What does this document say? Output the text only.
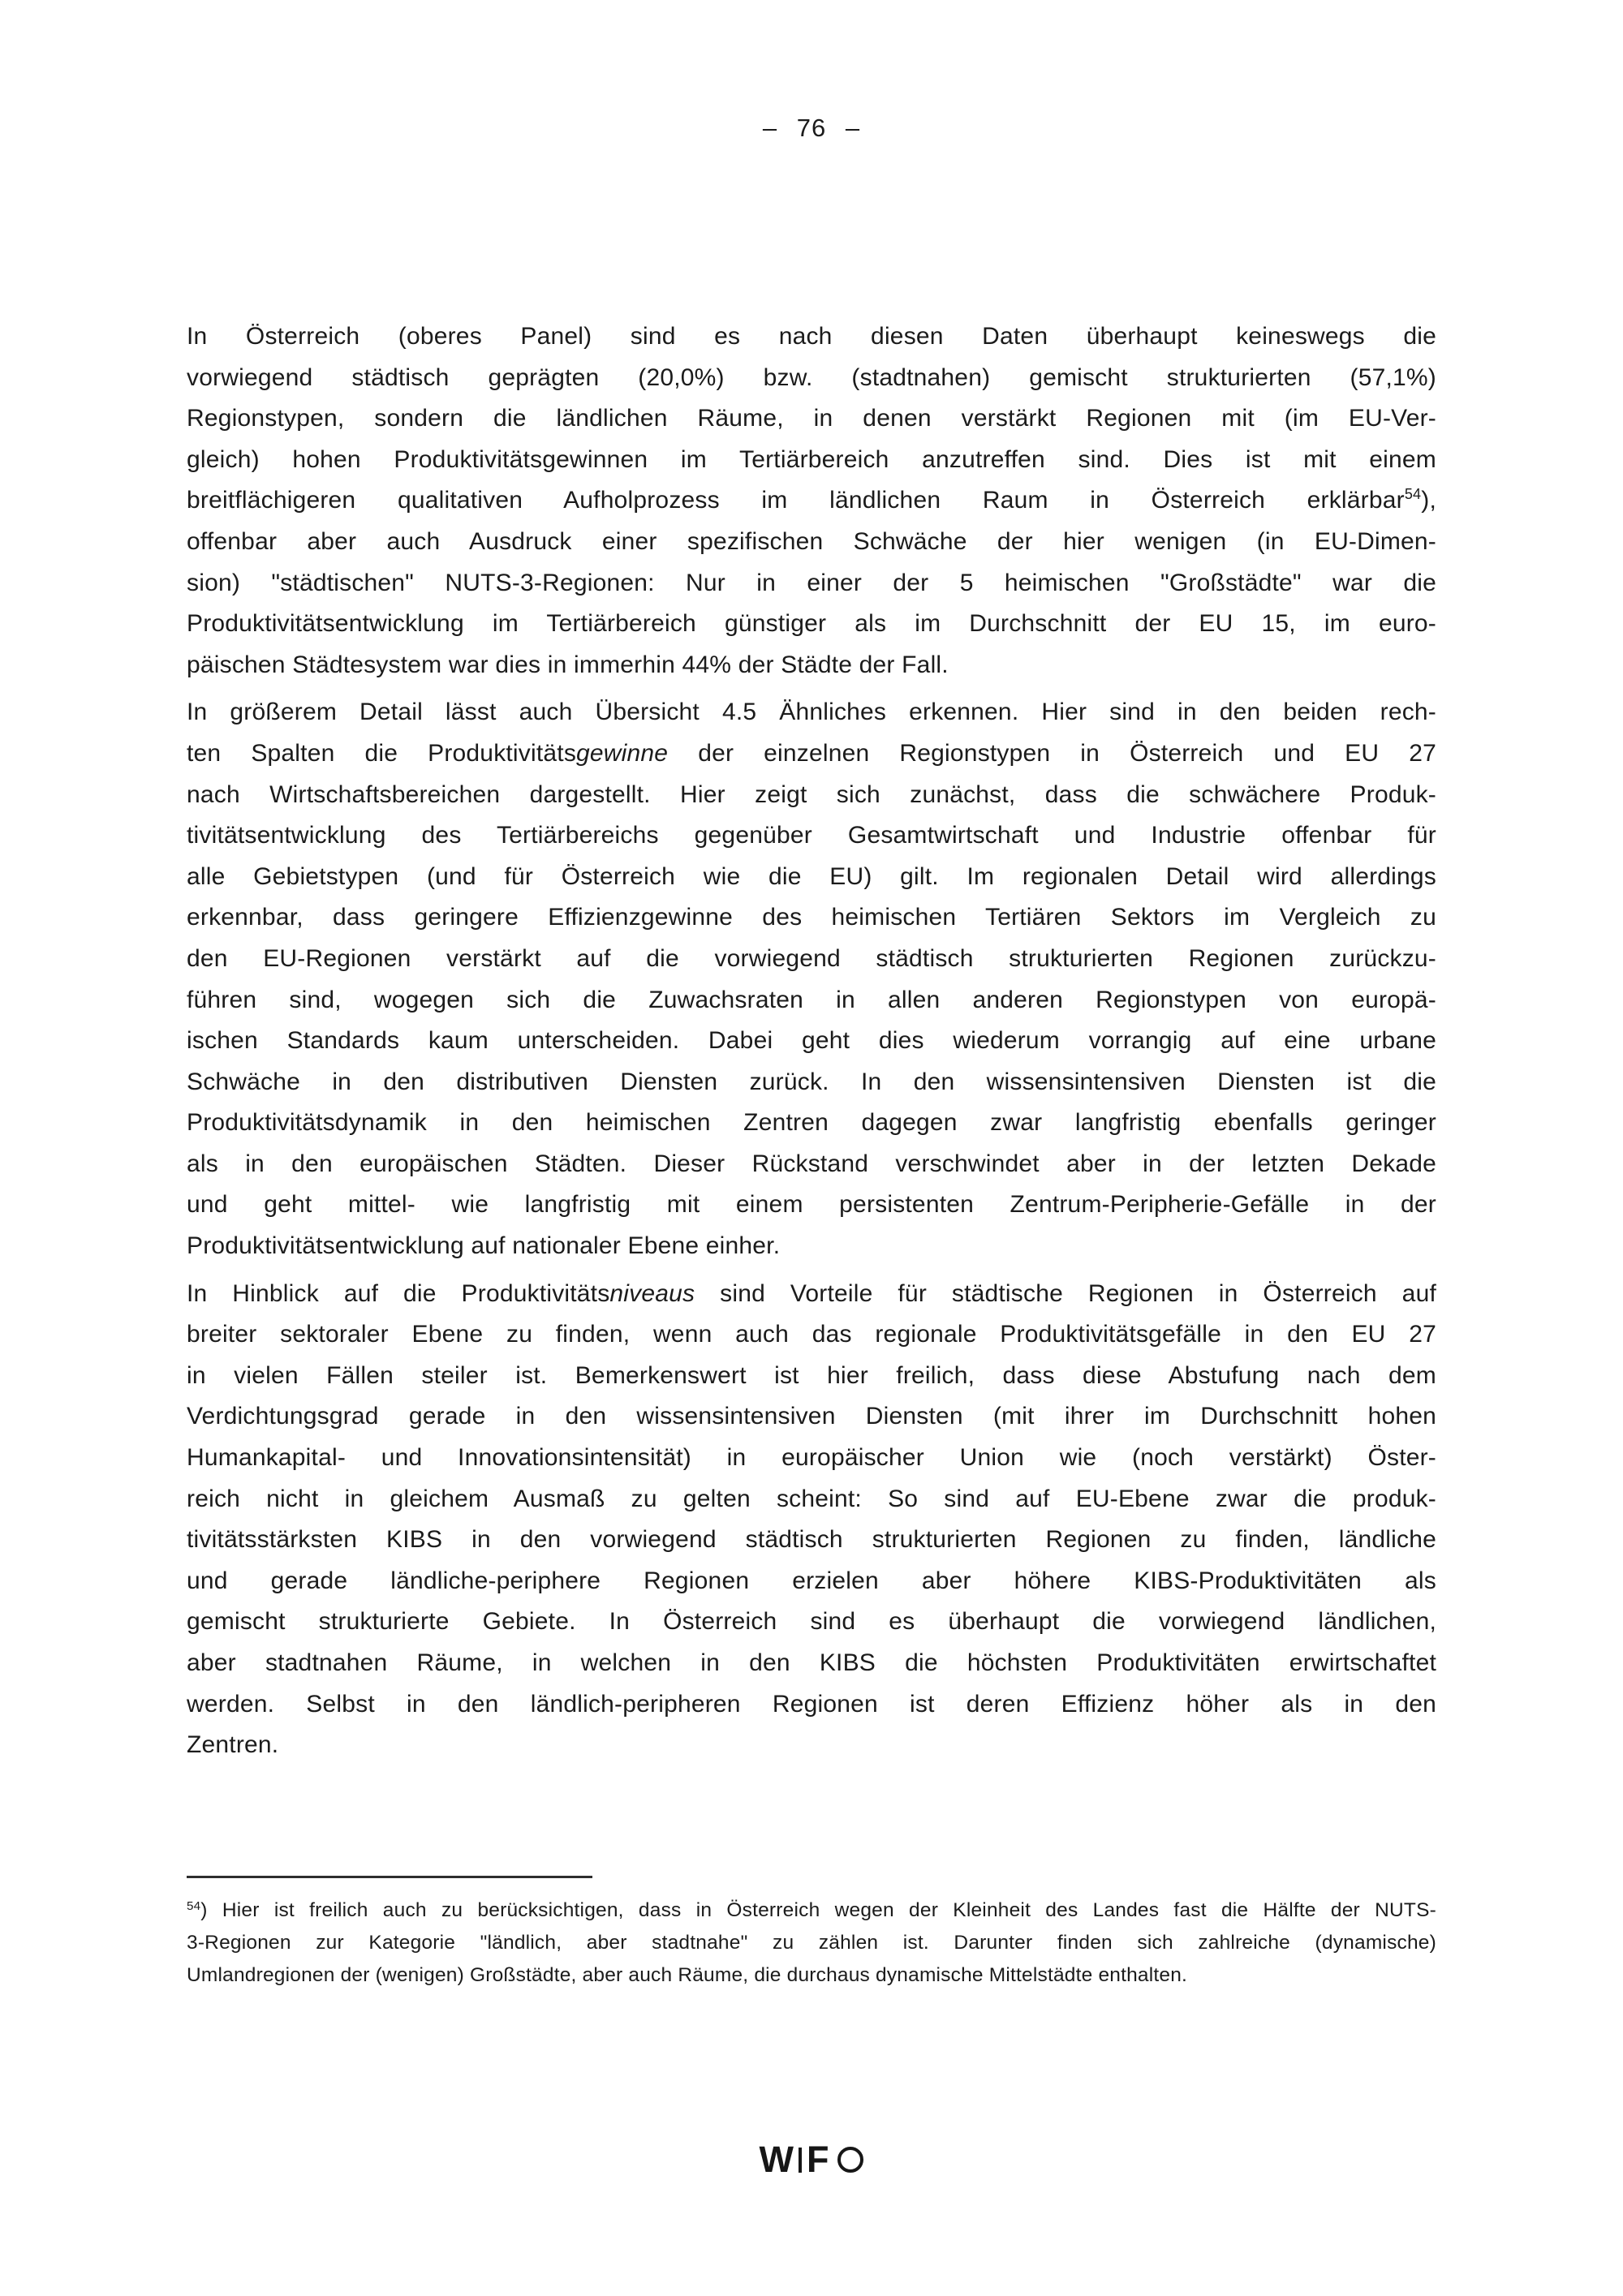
– 76 –
In Österreich (oberes Panel) sind es nach diesen Daten überhaupt keineswegs die
vorwiegend städtisch geprägten (20,0%) bzw. (stadtnahen) gemischt strukturierten (57,1%)
Regionstypen, sondern die ländlichen Räume, in denen verstärkt Regionen mit (im EU-Ver-
gleich) hohen Produktivitätsgewinnen im Tertiärbereich anzutreffen sind. Dies ist mit einem
breitflächigeren qualitativen Aufholprozess im ländlichen Raum in Österreich erklärbar$^{54}$),
offenbar aber auch Ausdruck einer spezifischen Schwäche der hier wenigen (in EU-Dimen-
sion) "städtischen" NUTS-3-Regionen: Nur in einer der 5 heimischen "Großstädte" war die
Produktivitätsentwicklung im Tertiärbereich günstiger als im Durchschnitt der EU 15, im euro-
päischen Städtesystem war dies in immerhin 44% der Städte der Fall.
In größerem Detail lässt auch Übersicht 4.5 Ähnliches erkennen. Hier sind in den beiden rech-
ten Spalten die Produktivitätsgewinne der einzelnen Regionstypen in Österreich und EU 27
nach Wirtschaftsbereichen dargestellt. Hier zeigt sich zunächst, dass die schwächere Produk-
tivitätsentwicklung des Tertiärbereichs gegenüber Gesamtwirtschaft und Industrie offenbar für
alle Gebietstypen (und für Österreich wie die EU) gilt. Im regionalen Detail wird allerdings
erkennbar, dass geringere Effizienzgewinne des heimischen Tertiären Sektors im Vergleich zu
den EU-Regionen verstärkt auf die vorwiegend städtisch strukturierten Regionen zurückzu-
führen sind, wogegen sich die Zuwachsraten in allen anderen Regionstypen von europä-
ischen Standards kaum unterscheiden. Dabei geht dies wiederum vorrangig auf eine urbane
Schwäche in den distributiven Diensten zurück. In den wissensintensiven Diensten ist die
Produktivitätsdynamik in den heimischen Zentren dagegen zwar langfristig ebenfalls geringer
als in den europäischen Städten. Dieser Rückstand verschwindet aber in der letzten Dekade
und geht mittel- wie langfristig mit einem persistenten Zentrum-Peripherie-Gefälle in der
Produktivitätsentwicklung auf nationaler Ebene einher.
In Hinblick auf die Produktivitätsniveaus sind Vorteile für städtische Regionen in Österreich auf
breiter sektoraler Ebene zu finden, wenn auch das regionale Produktivitätsgefälle in den EU 27
in vielen Fällen steiler ist. Bemerkenswert ist hier freilich, dass diese Abstufung nach dem
Verdichtungsgrad gerade in den wissensintensiven Diensten (mit ihrer im Durchschnitt hohen
Humankapital- und Innovationsintensität) in europäischer Union wie (noch verstärkt) Öster-
reich nicht in gleichem Ausmaß zu gelten scheint: So sind auf EU-Ebene zwar die produk-
tivitätsstärksten KIBS in den vorwiegend städtisch strukturierten Regionen zu finden, ländliche
und gerade ländliche-periphere Regionen erzielen aber höhere KIBS-Produktivitäten als
gemischt strukturierte Gebiete. In Österreich sind es überhaupt die vorwiegend ländlichen,
aber stadtnahen Räume, in welchen in den KIBS die höchsten Produktivitäten erwirtschaftet
werden. Selbst in den ländlich-peripheren Regionen ist deren Effizienz höher als in den
Zentren.
$^{54}$) Hier ist freilich auch zu berücksichtigen, dass in Österreich wegen der Kleinheit des Landes fast die Hälfte der NUTS-
3-Regionen zur Kategorie "ländlich, aber stadtnahe" zu zählen ist. Darunter finden sich zahlreiche (dynamische)
Umlandregionen der (wenigen) Großstädte, aber auch Räume, die durchaus dynamische Mittelstädte enthalten.
W F
